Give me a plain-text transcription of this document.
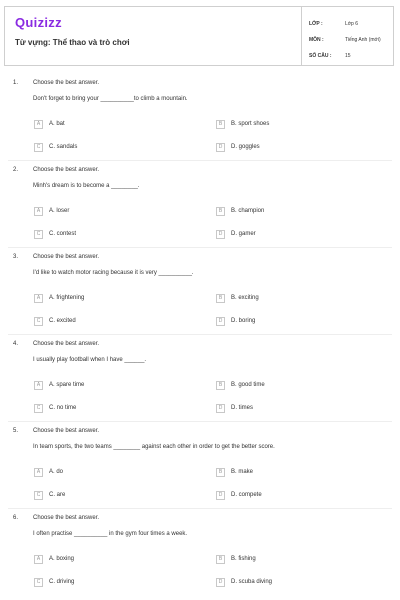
Quizizz
Từ vựng: Thể thao và trò chơi
LỚP :	Lớp 6
MÔN :	Tiếng Anh (mới)
SỐ CÂU :	15
1. Choose the best answer.
Don't forget to bring your __________to climb a mountain.
A	A. bat	B	B. sport shoes
C	C. sandals	D	D. goggles
2. Choose the best answer.
Minh's dream is to become a ________.
A	A. loser	B	B. champion
C	C. contest	D	D. gamer
3. Choose the best answer.
I'd like to watch motor racing because it is very __________.
A	A. frightening	B	B. exciting
C	C. excited	D	D. boring
4. Choose the best answer.
I usually play football when I have ______.
A	A. spare time	B	B. good time
C	C. no time	D	D. times
5. Choose the best answer.
In team sports, the two teams ________ against each other in order to get the better score.
A	A. do	B	B. make
C	C. are	D	D. compete
6. Choose the best answer.
I often practise __________ in the gym four times a week.
A	A. boxing	B	B. fishing
C	C. driving	D	D. scuba diving
